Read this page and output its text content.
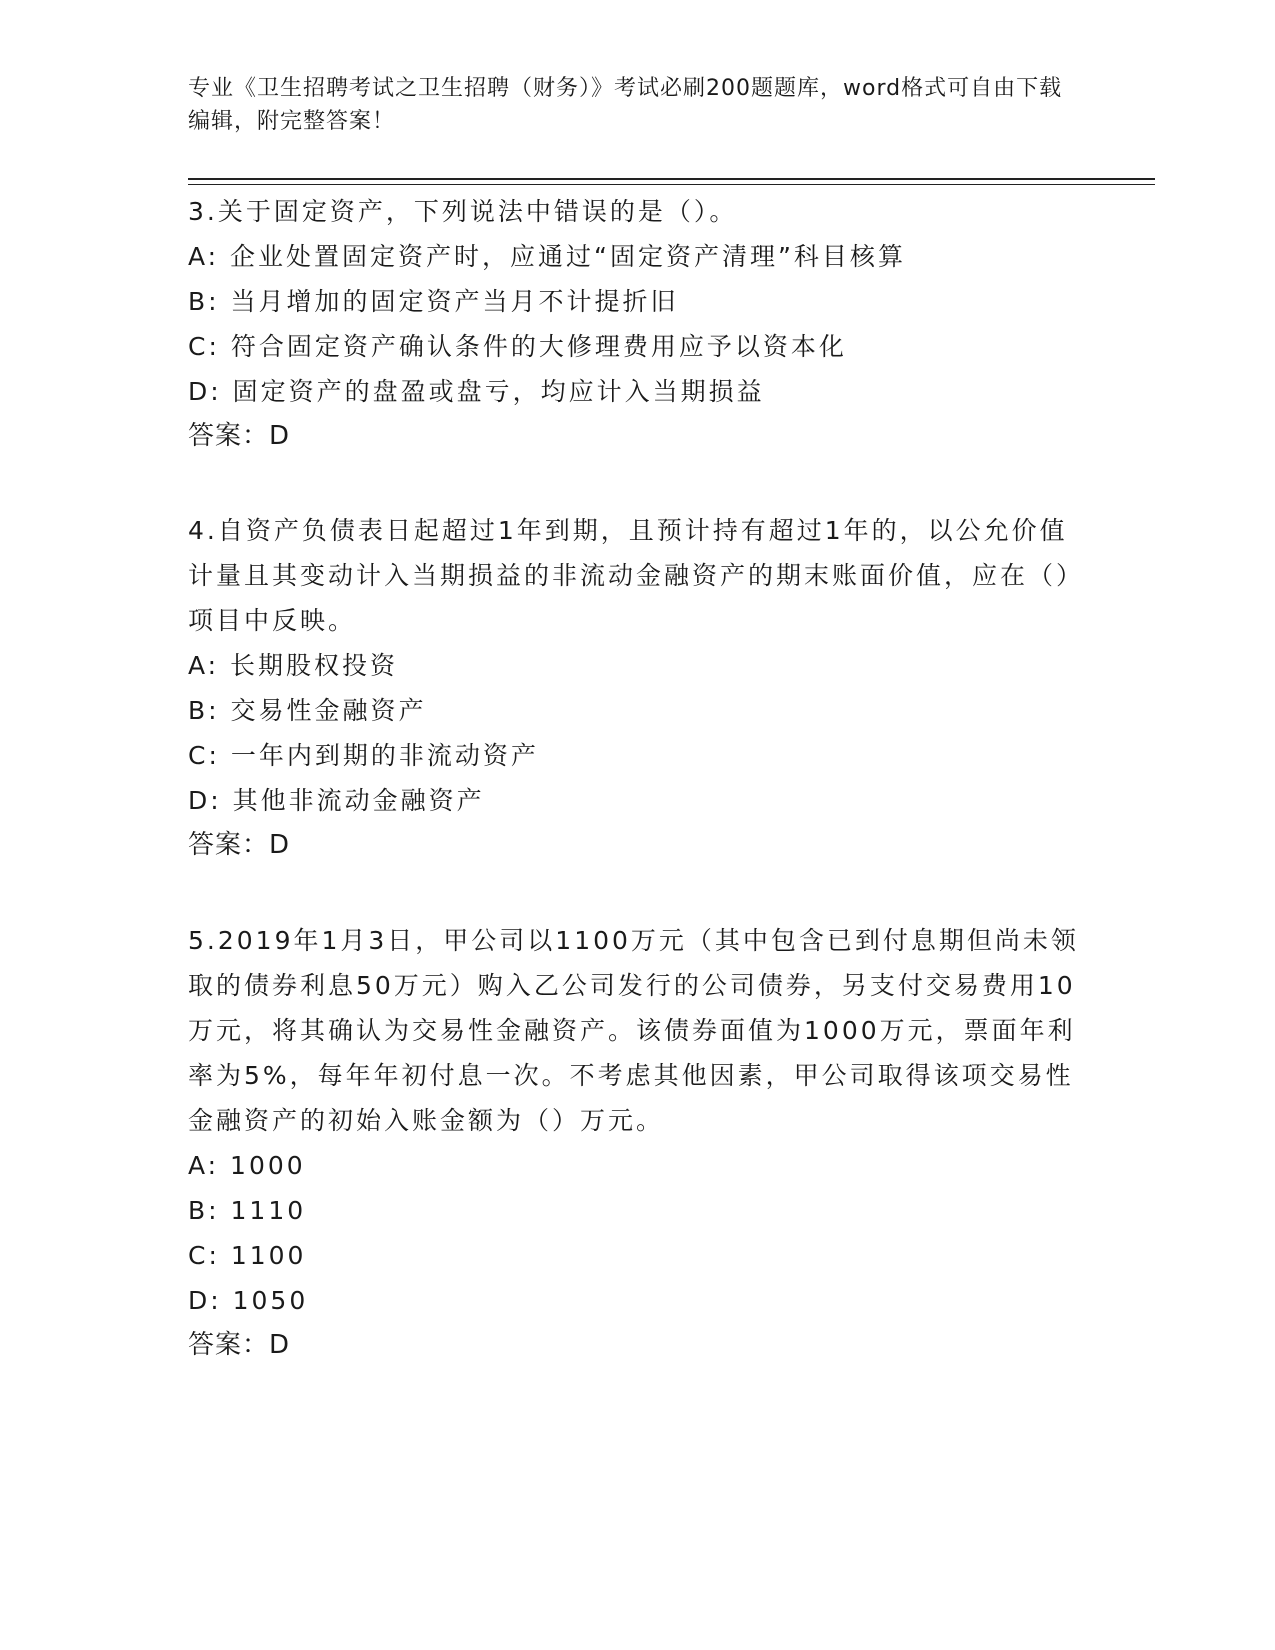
专业《卫生招聘考试之卫生招聘（财务）》考试必刷200题题库，word格式可自由下载编辑，附完整答案！

3.关于固定资产，下列说法中错误的是（）。

A: 企业处置固定资产时，应通过“固定资产清理”科目核算

B: 当月增加的固定资产当月不计提折旧

C: 符合固定资产确认条件的大修理费用应予以资本化

D: 固定资产的盘盈或盘亏，均应计入当期损益

答案：D

4.自资产负债表日起超过1年到期，且预计持有超过1年的，以公允价值计量且其变动计入当期损益的非流动金融资产的期末账面价值，应在（）项目中反映。

A: 长期股权投资

B: 交易性金融资产

C: 一年内到期的非流动资产

D: 其他非流动金融资产

答案：D

5.2019年1月3日，甲公司以1100万元（其中包含已到付息期但尚未领取的债券利息50万元）购入乙公司发行的公司债券，另支付交易费用10万元，将其确认为交易性金融资产。该债券面值为1000万元，票面年利率为5%，每年年初付息一次。不考虑其他因素，甲公司取得该项交易性金融资产的初始入账金额为（）万元。

A: 1000

B: 1110

C: 1100

D: 1050

答案：D
